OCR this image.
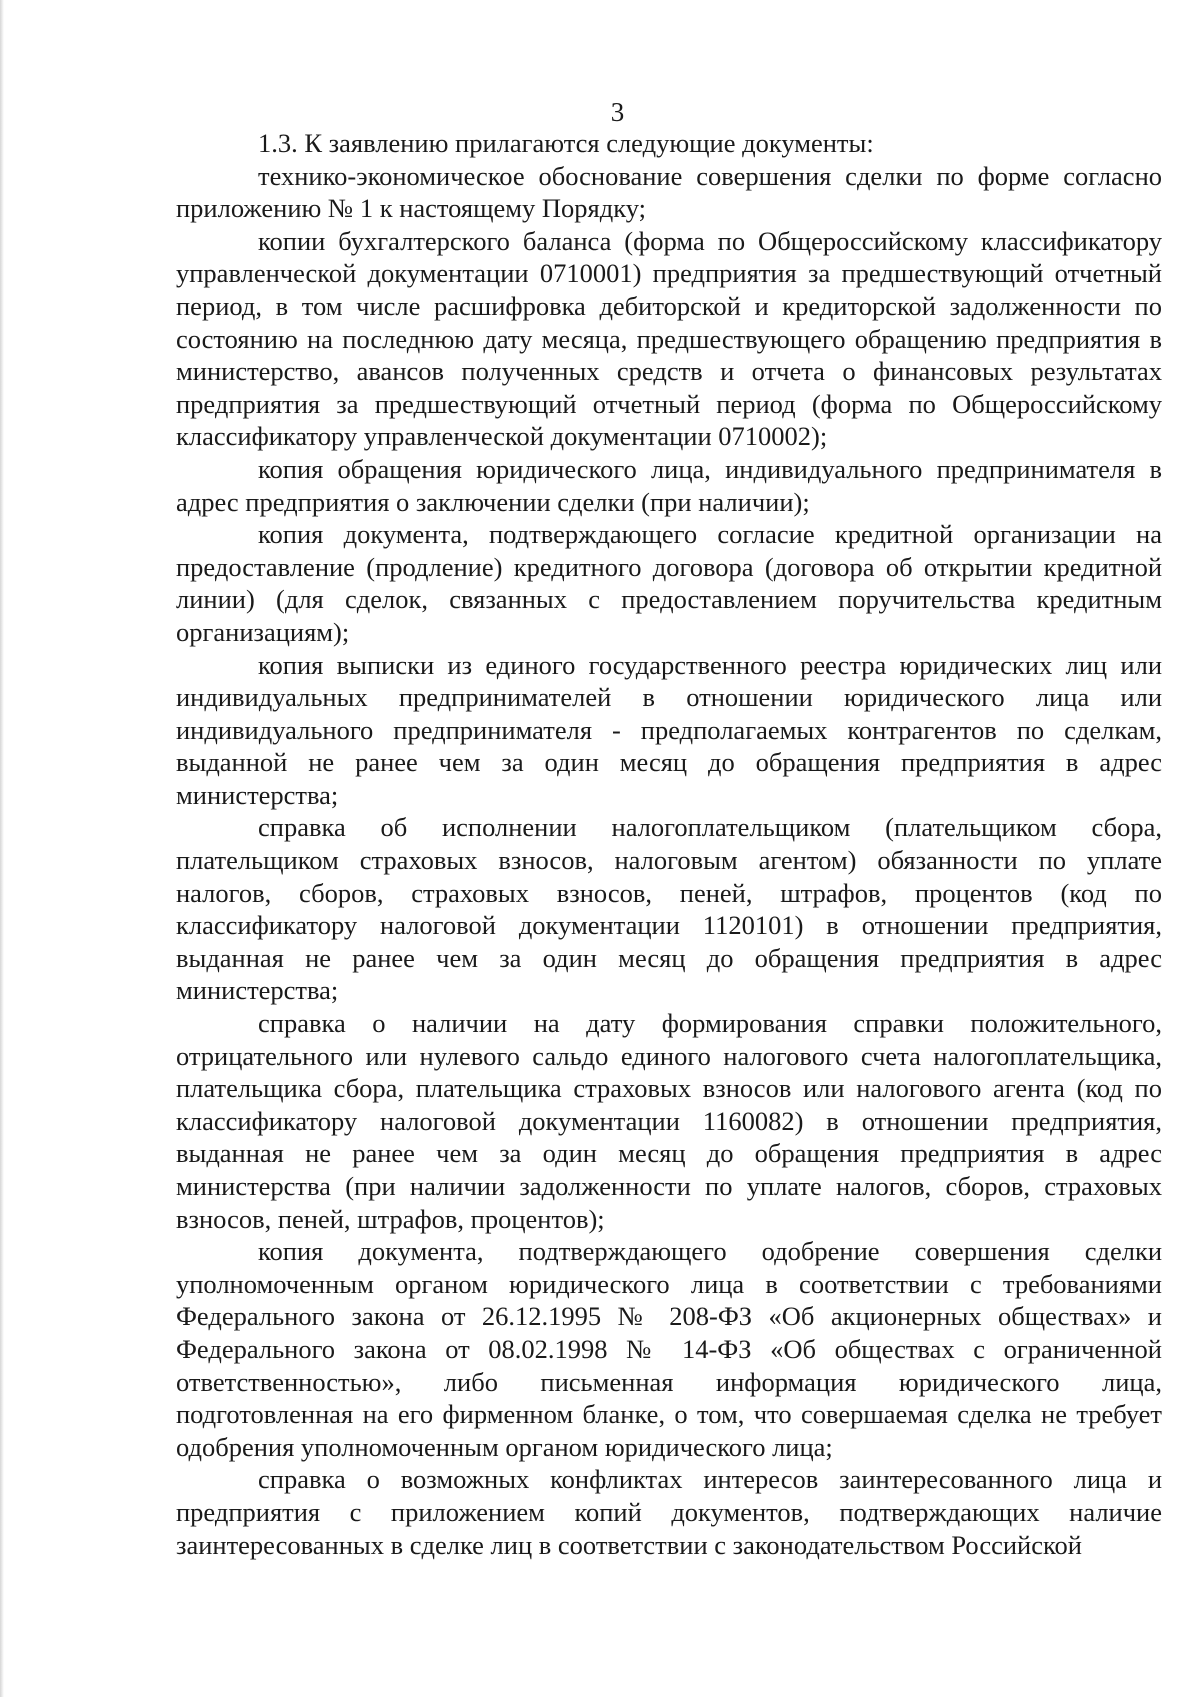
3

1.3. К заявлению прилагаются следующие документы:

технико-экономическое обоснование совершения сделки по форме согласно приложению № 1 к настоящему Порядку;

копии бухгалтерского баланса (форма по Общероссийскому классификатору управленческой документации 0710001) предприятия за предшествующий отчетный период, в том числе расшифровка дебиторской и кредиторской задолженности по состоянию на последнюю дату месяца, предшествующего обращению предприятия в министерство, авансов полученных средств и отчета о финансовых результатах предприятия за предшествующий отчетный период (форма по Общероссийскому классификатору управленческой документации 0710002);

копия обращения юридического лица, индивидуального предпринимателя в адрес предприятия о заключении сделки (при наличии);

копия документа, подтверждающего согласие кредитной организации на предоставление (продление) кредитного договора (договора об открытии кредитной линии) (для сделок, связанных с предоставлением поручительства кредитным организациям);

копия выписки из единого государственного реестра юридических лиц или индивидуальных предпринимателей в отношении юридического лица или индивидуального предпринимателя - предполагаемых контрагентов по сделкам, выданной не ранее чем за один месяц до обращения предприятия в адрес министерства;

справка об исполнении налогоплательщиком (плательщиком сбора, плательщиком страховых взносов, налоговым агентом) обязанности по уплате налогов, сборов, страховых взносов, пеней, штрафов, процентов (код по классификатору налоговой документации 1120101) в отношении предприятия, выданная не ранее чем за один месяц до обращения предприятия в адрес министерства;

справка о наличии на дату формирования справки положительного, отрицательного или нулевого сальдо единого налогового счета налогоплательщика, плательщика сбора, плательщика страховых взносов или налогового агента (код по классификатору налоговой документации 1160082) в отношении предприятия, выданная не ранее чем за один месяц до обращения предприятия в адрес министерства (при наличии задолженности по уплате налогов, сборов, страховых взносов, пеней, штрафов, процентов);

копия документа, подтверждающего одобрение совершения сделки уполномоченным органом юридического лица в соответствии с требованиями Федерального закона от 26.12.1995 № 208-ФЗ «Об акционерных обществах» и Федерального закона от 08.02.1998 № 14-ФЗ «Об обществах с ограниченной ответственностью», либо письменная информация юридического лица, подготовленная на его фирменном бланке, о том, что совершаемая сделка не требует одобрения уполномоченным органом юридического лица;

справка о возможных конфликтах интересов заинтересованного лица и предприятия с приложением копий документов, подтверждающих наличие заинтересованных в сделке лиц в соответствии с законодательством Российской
